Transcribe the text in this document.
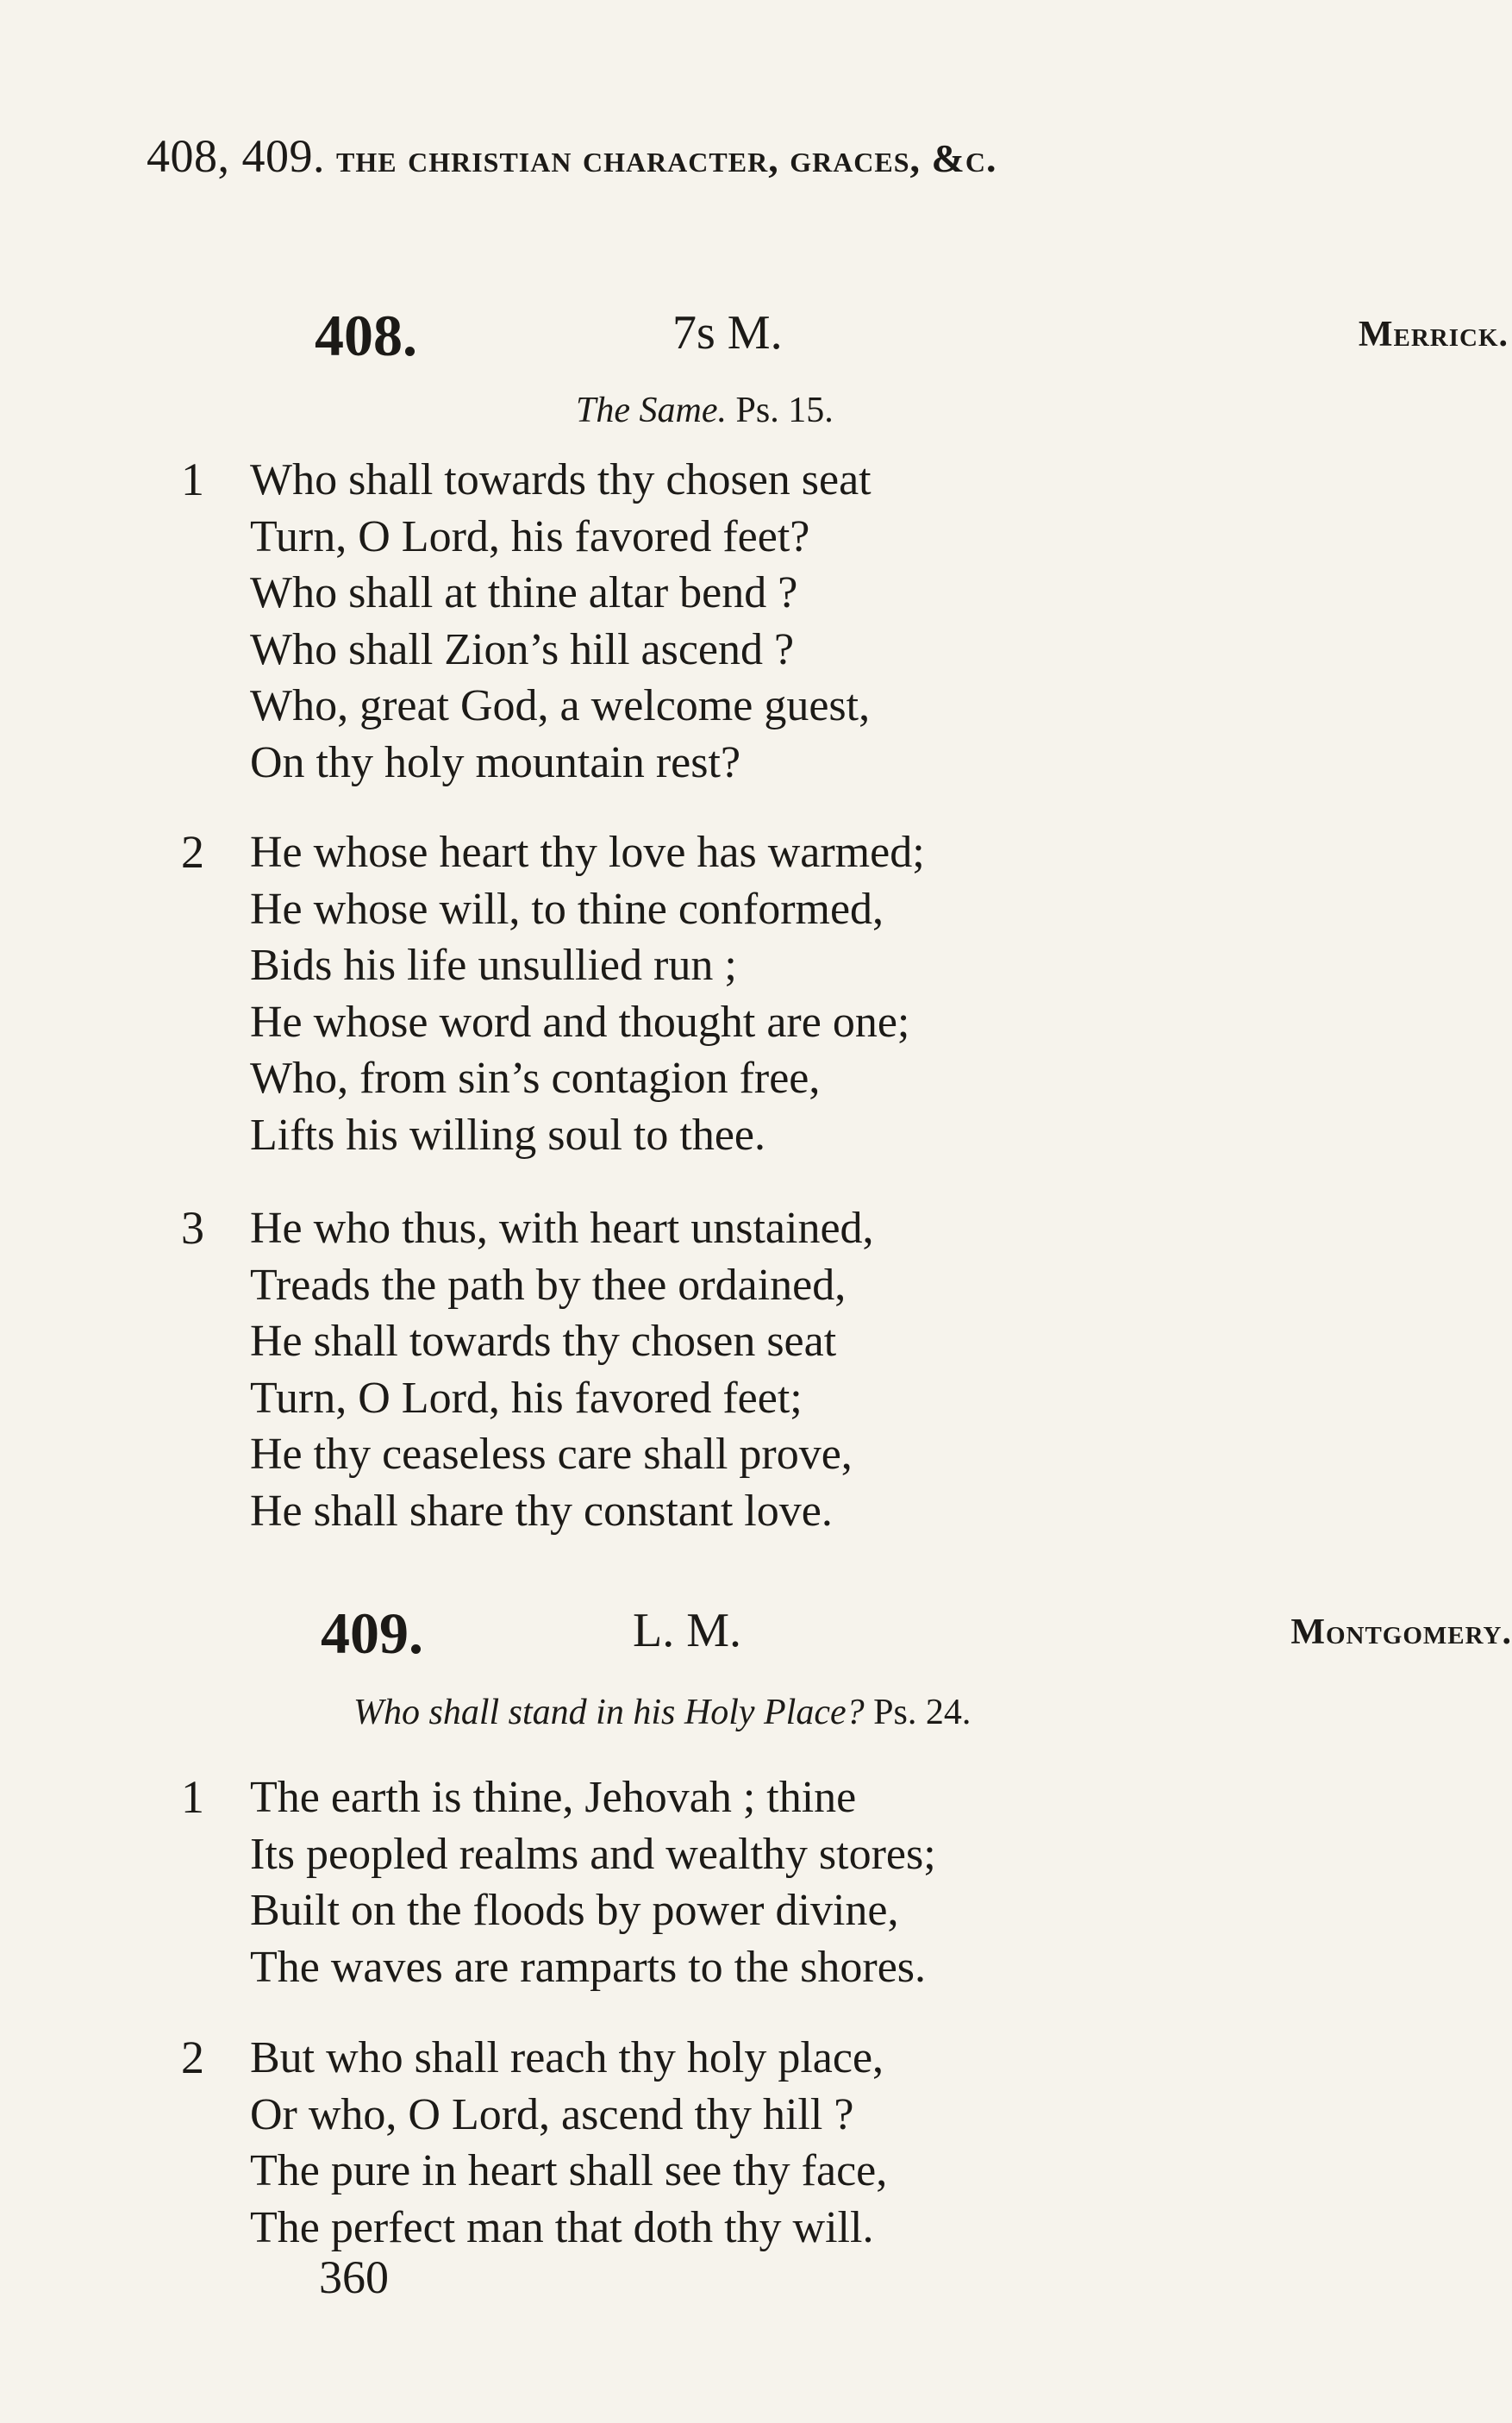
408, 409. the christian character, graces, &c.
408.	7s M.	Merrick.
The Same. Ps. 15.
1 Who shall towards thy chosen seat
Turn, O Lord, his favored feet?
Who shall at thine altar bend ?
Who shall Zion’s hill ascend ?
Who, great God, a welcome guest,
On thy holy mountain rest?
2 He whose heart thy love has warmed;
He whose will, to thine conformed,
Bids his life unsullied run ;
He whose word and thought are one;
Who, from sin’s contagion free,
Lifts his willing soul to thee.
3 He who thus, with heart unstained,
Treads the path by thee ordained,
He shall towards thy chosen seat
Turn, O Lord, his favored feet;
He thy ceaseless care shall prove,
He shall share thy constant love.
409.	L. M.	Montgomery.
Who shall stand in his Holy Place? Ps. 24.
1 The earth is thine, Jehovah ; thine
Its peopled realms and wealthy stores;
Built on the floods by power divine,
The waves are ramparts to the shores.
2 But who shall reach thy holy place,
Or who, O Lord, ascend thy hill ?
The pure in heart shall see thy face,
The perfect man that doth thy will.
360
